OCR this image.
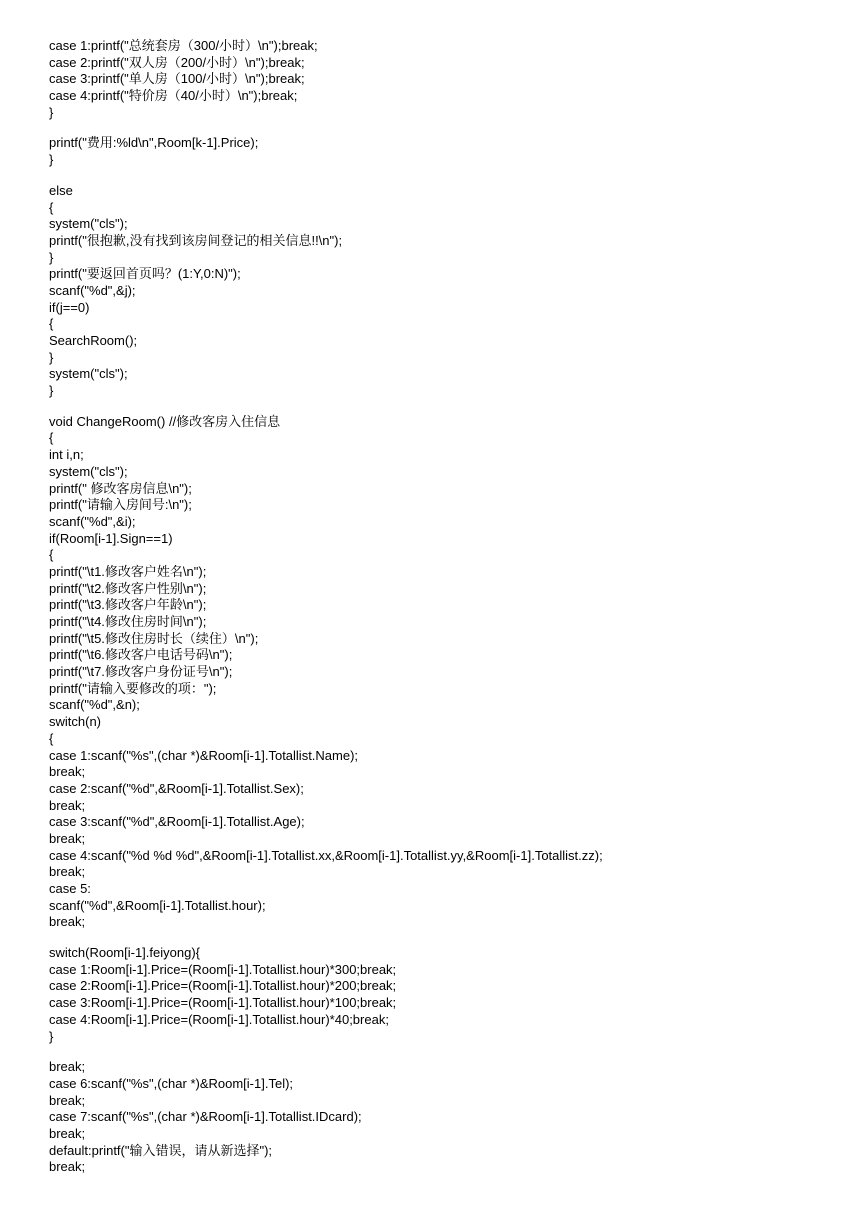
case 1:printf("总统套房（300/小时）\n");break;
case 2:printf("双人房（200/小时）\n");break;
case 3:printf("单人房（100/小时）\n");break;
case 4:printf("特价房（40/小时）\n");break;
}
printf("费用:%ld\n",Room[k-1].Price);
}
else
{
system("cls");
printf("很抱歉,没有找到该房间登记的相关信息!!\n");
}
printf("要返回首页吗？(1:Y,0:N)");
scanf("%d",&j);
if(j==0)
{
SearchRoom();
}
system("cls");
}
void ChangeRoom() //修改客房入住信息
{
int i,n;
system("cls");
printf(" 修改客房信息\n");
printf("请输入房间号:\n");
scanf("%d",&i);
if(Room[i-1].Sign==1)
{
printf("\t1.修改客户姓名\n");
printf("\t2.修改客户性别\n");
printf("\t3.修改客户年龄\n");
printf("\t4.修改住房时间\n");
printf("\t5.修改住房时长（续住）\n");
printf("\t6.修改客户电话号码\n");
printf("\t7.修改客户身份证号\n");
printf("请输入要修改的项：");
scanf("%d",&n);
switch(n)
{
case 1:scanf("%s",(char *)&Room[i-1].Totallist.Name);
break;
case 2:scanf("%d",&Room[i-1].Totallist.Sex);
break;
case 3:scanf("%d",&Room[i-1].Totallist.Age);
break;
case 4:scanf("%d %d %d",&Room[i-1].Totallist.xx,&Room[i-1].Totallist.yy,&Room[i-1].Totallist.zz);
break;
case 5:
scanf("%d",&Room[i-1].Totallist.hour);
break;
switch(Room[i-1].feiyong){
case 1:Room[i-1].Price=(Room[i-1].Totallist.hour)*300;break;
case 2:Room[i-1].Price=(Room[i-1].Totallist.hour)*200;break;
case 3:Room[i-1].Price=(Room[i-1].Totallist.hour)*100;break;
case 4:Room[i-1].Price=(Room[i-1].Totallist.hour)*40;break;
}
break;
case 6:scanf("%s",(char *)&Room[i-1].Tel);
break;
case 7:scanf("%s",(char *)&Room[i-1].Totallist.IDcard);
break;
default:printf("输入错误，请从新选择");
break;
